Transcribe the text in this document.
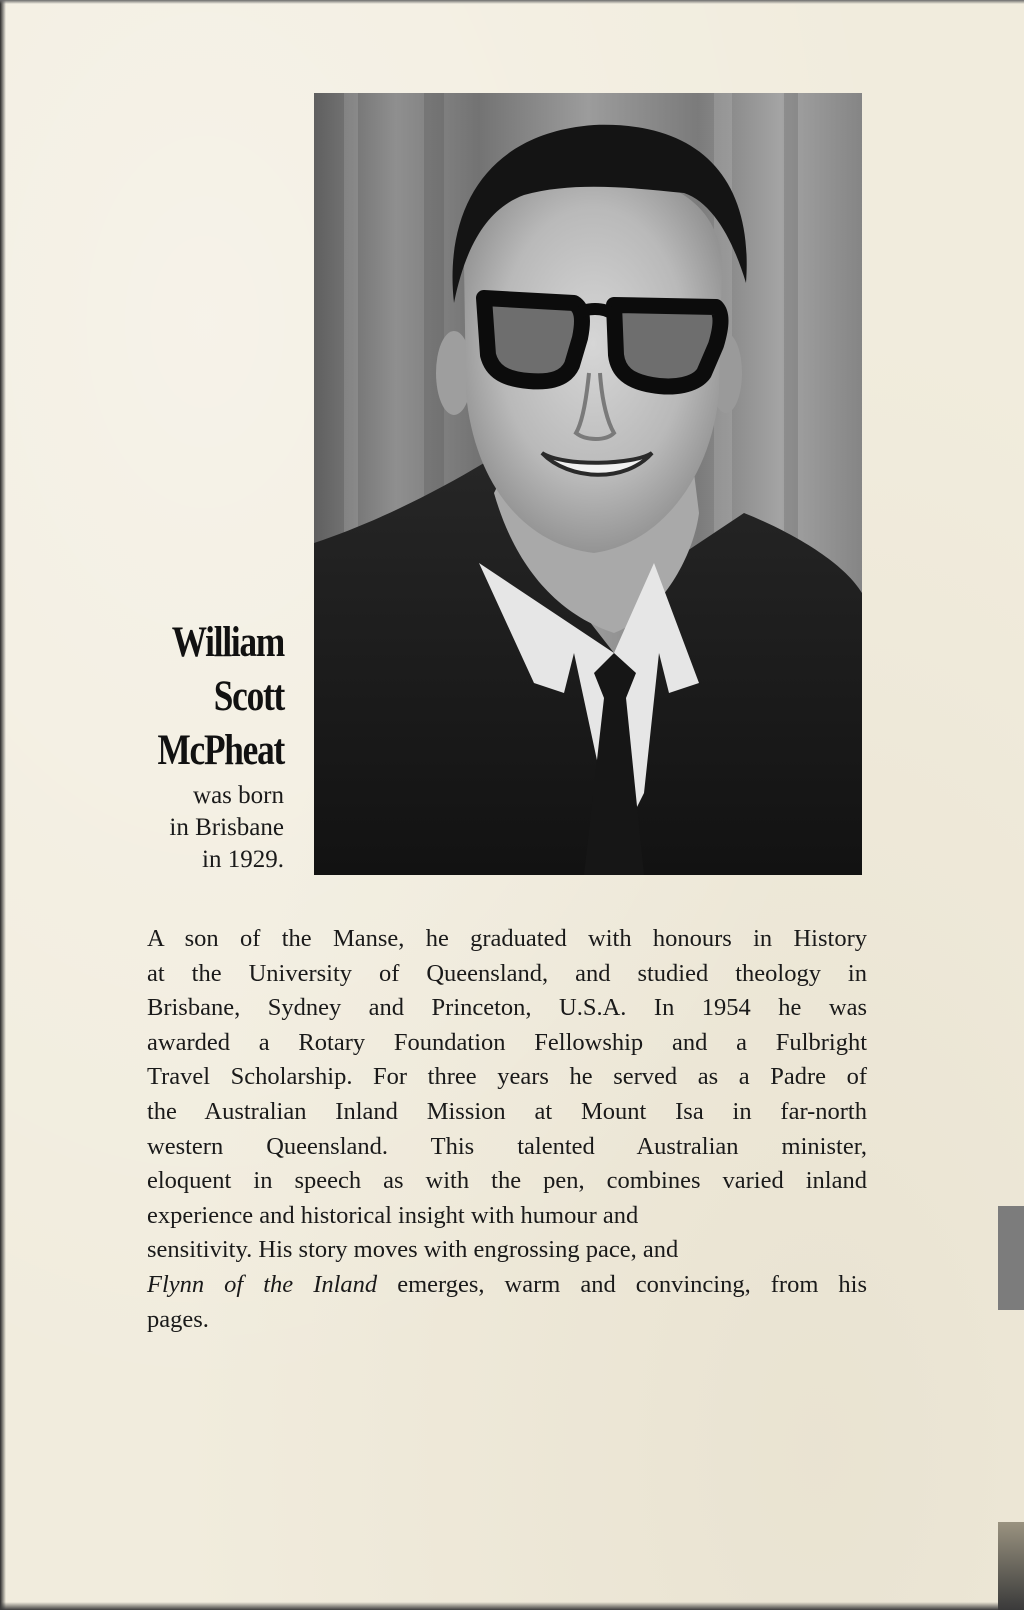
William
Scott
McPheat
was born
in Brisbane
in 1929.

A son of the Manse, he graduated with honours in History
at the University of Queensland, and studied theology in
Brisbane, Sydney and Princeton, U.S.A. In 1954 he was
awarded a Rotary Foundation Fellowship and a Fulbright
Travel Scholarship. For three years he served as a Padre of
the Australian Inland Mission at Mount Isa in far-north
western Queensland. This talented Australian minister,
eloquent in speech as with the pen, combines varied inland
experience and historical insight with humour and
sensitivity. His story moves with engrossing pace, and
Flynn of the Inland emerges, warm and convincing, from his
pages.
